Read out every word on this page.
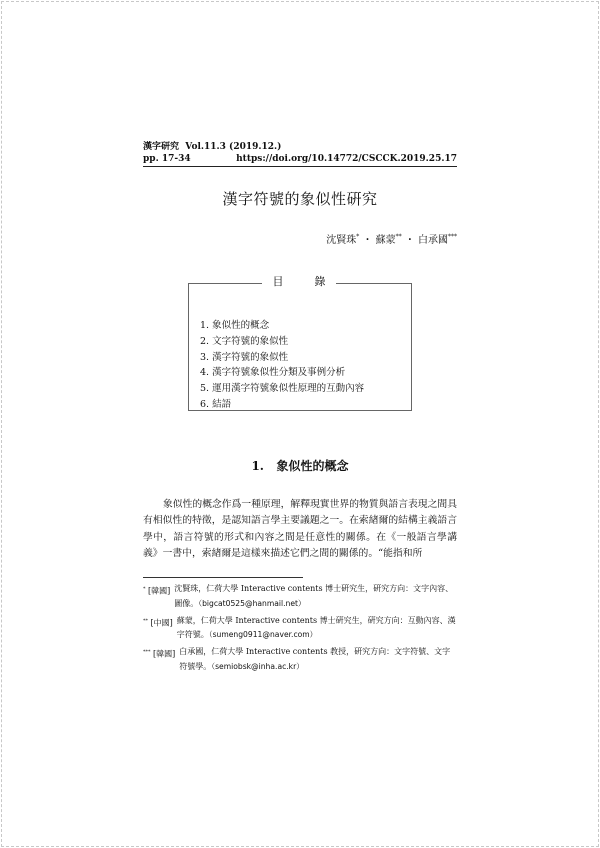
漢字研究 Vol.11.3 (2019.12.)
pp. 17-34	https://doi.org/10.14772/CSCCK.2019.25.17
漢字符號的象似性硏究
沈賢珠* ・ 蘇蒙** ・ 白承國***
目　錄
1. 象似性的概念
2. 文字符號的象似性
3. 漢字符號的象似性
4. 漢字符號象似性分類及事例分析
5. 運用漢字符號象似性原理的互動內容
6. 結語
1. 象似性的概念

象似性的概念作爲一種原理，解釋現實世界的物質與語言表現之間具有相似性的特徵，是認知語言學主要議題之一。在索緖爾的結構主義語言學中，語言符號的形式和內容之間是任意性的關係。在《一般語言學講義》一書中，索緖爾是這樣來描述它們之間的關係的。“能指和所

* [韓國] 沈賢珠，仁荷大學 Interactive contents 博士硏究生，硏究方向：文字內容、圖像。（bigcat0525@hanmail.net）
** [中國] 蘇蒙，仁荷大學 Interactive contents 博士硏究生，硏究方向：互動內容、漢字符號。（sumeng0911@naver.com）
*** [韓國] 白承國，仁荷大學 Interactive contents 教授，硏究方向：文字符號、文字符號學。（semiobsk@inha.ac.kr）
